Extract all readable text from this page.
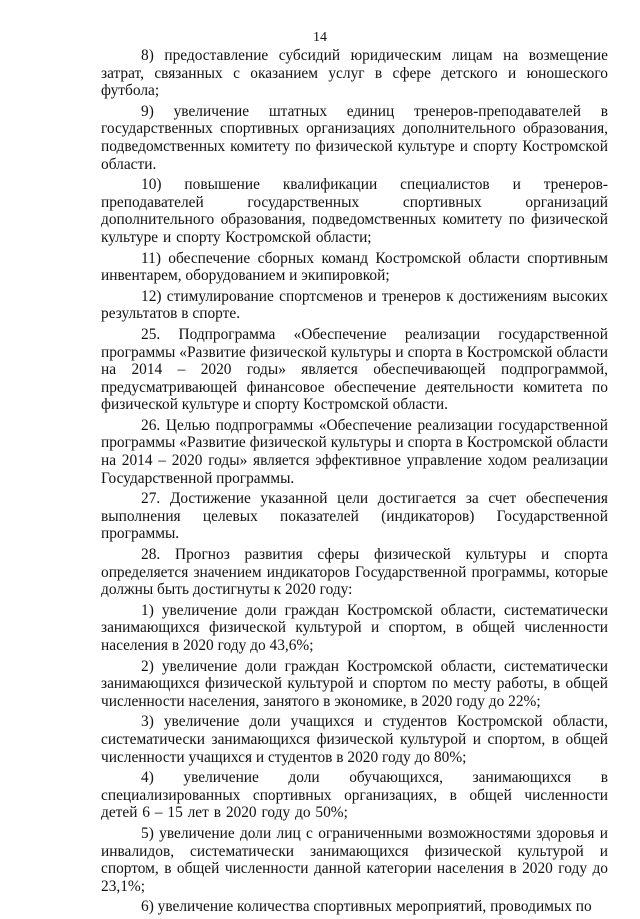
14

8) предоставление субсидий юридическим лицам на возмещение затрат, связанных с оказанием услуг в сфере детского и юношеского футбола;

9) увеличение штатных единиц тренеров-преподавателей в государственных спортивных организациях дополнительного образования, подведомственных комитету по физической культуре и спорту Костромской области.

10) повышение квалификации специалистов и тренеров-преподавателей государственных спортивных организаций дополнительного образования, подведомственных комитету по физической культуре и спорту Костромской области;

11) обеспечение сборных команд Костромской области спортивным инвентарем, оборудованием и экипировкой;

12) стимулирование спортсменов и тренеров к достижениям высоких результатов в спорте.

25. Подпрограмма «Обеспечение реализации государственной программы «Развитие физической культуры и спорта в Костромской области на 2014 – 2020 годы» является обеспечивающей подпрограммой, предусматривающей финансовое обеспечение деятельности комитета по физической культуре и спорту Костромской области.

26. Целью подпрограммы «Обеспечение реализации государственной программы «Развитие физической культуры и спорта в Костромской области на 2014 – 2020 годы» является эффективное управление ходом реализации Государственной программы.

27. Достижение указанной цели достигается за счет обеспечения выполнения целевых показателей (индикаторов) Государственной программы.

28. Прогноз развития сферы физической культуры и спорта определяется значением индикаторов Государственной программы, которые должны быть достигнуты к 2020 году:

1) увеличение доли граждан Костромской области, систематически занимающихся физической культурой и спортом, в общей численности населения в 2020 году до 43,6%;

2) увеличение доли граждан Костромской области, систематически занимающихся физической культурой и спортом по месту работы, в общей численности населения, занятого в экономике, в 2020 году до 22%;

3) увеличение доли учащихся и студентов Костромской области, систематически занимающихся физической культурой и спортом, в общей численности учащихся и студентов в 2020 году до 80%;

4) увеличение доли обучающихся, занимающихся в специализированных спортивных организациях, в общей численности детей 6 – 15 лет в 2020 году до 50%;

5) увеличение доли лиц с ограниченными возможностями здоровья и инвалидов, систематически занимающихся физической культурой и спортом, в общей численности данной категории населения в 2020 году до 23,1%;

6) увеличение количества спортивных мероприятий, проводимых по
